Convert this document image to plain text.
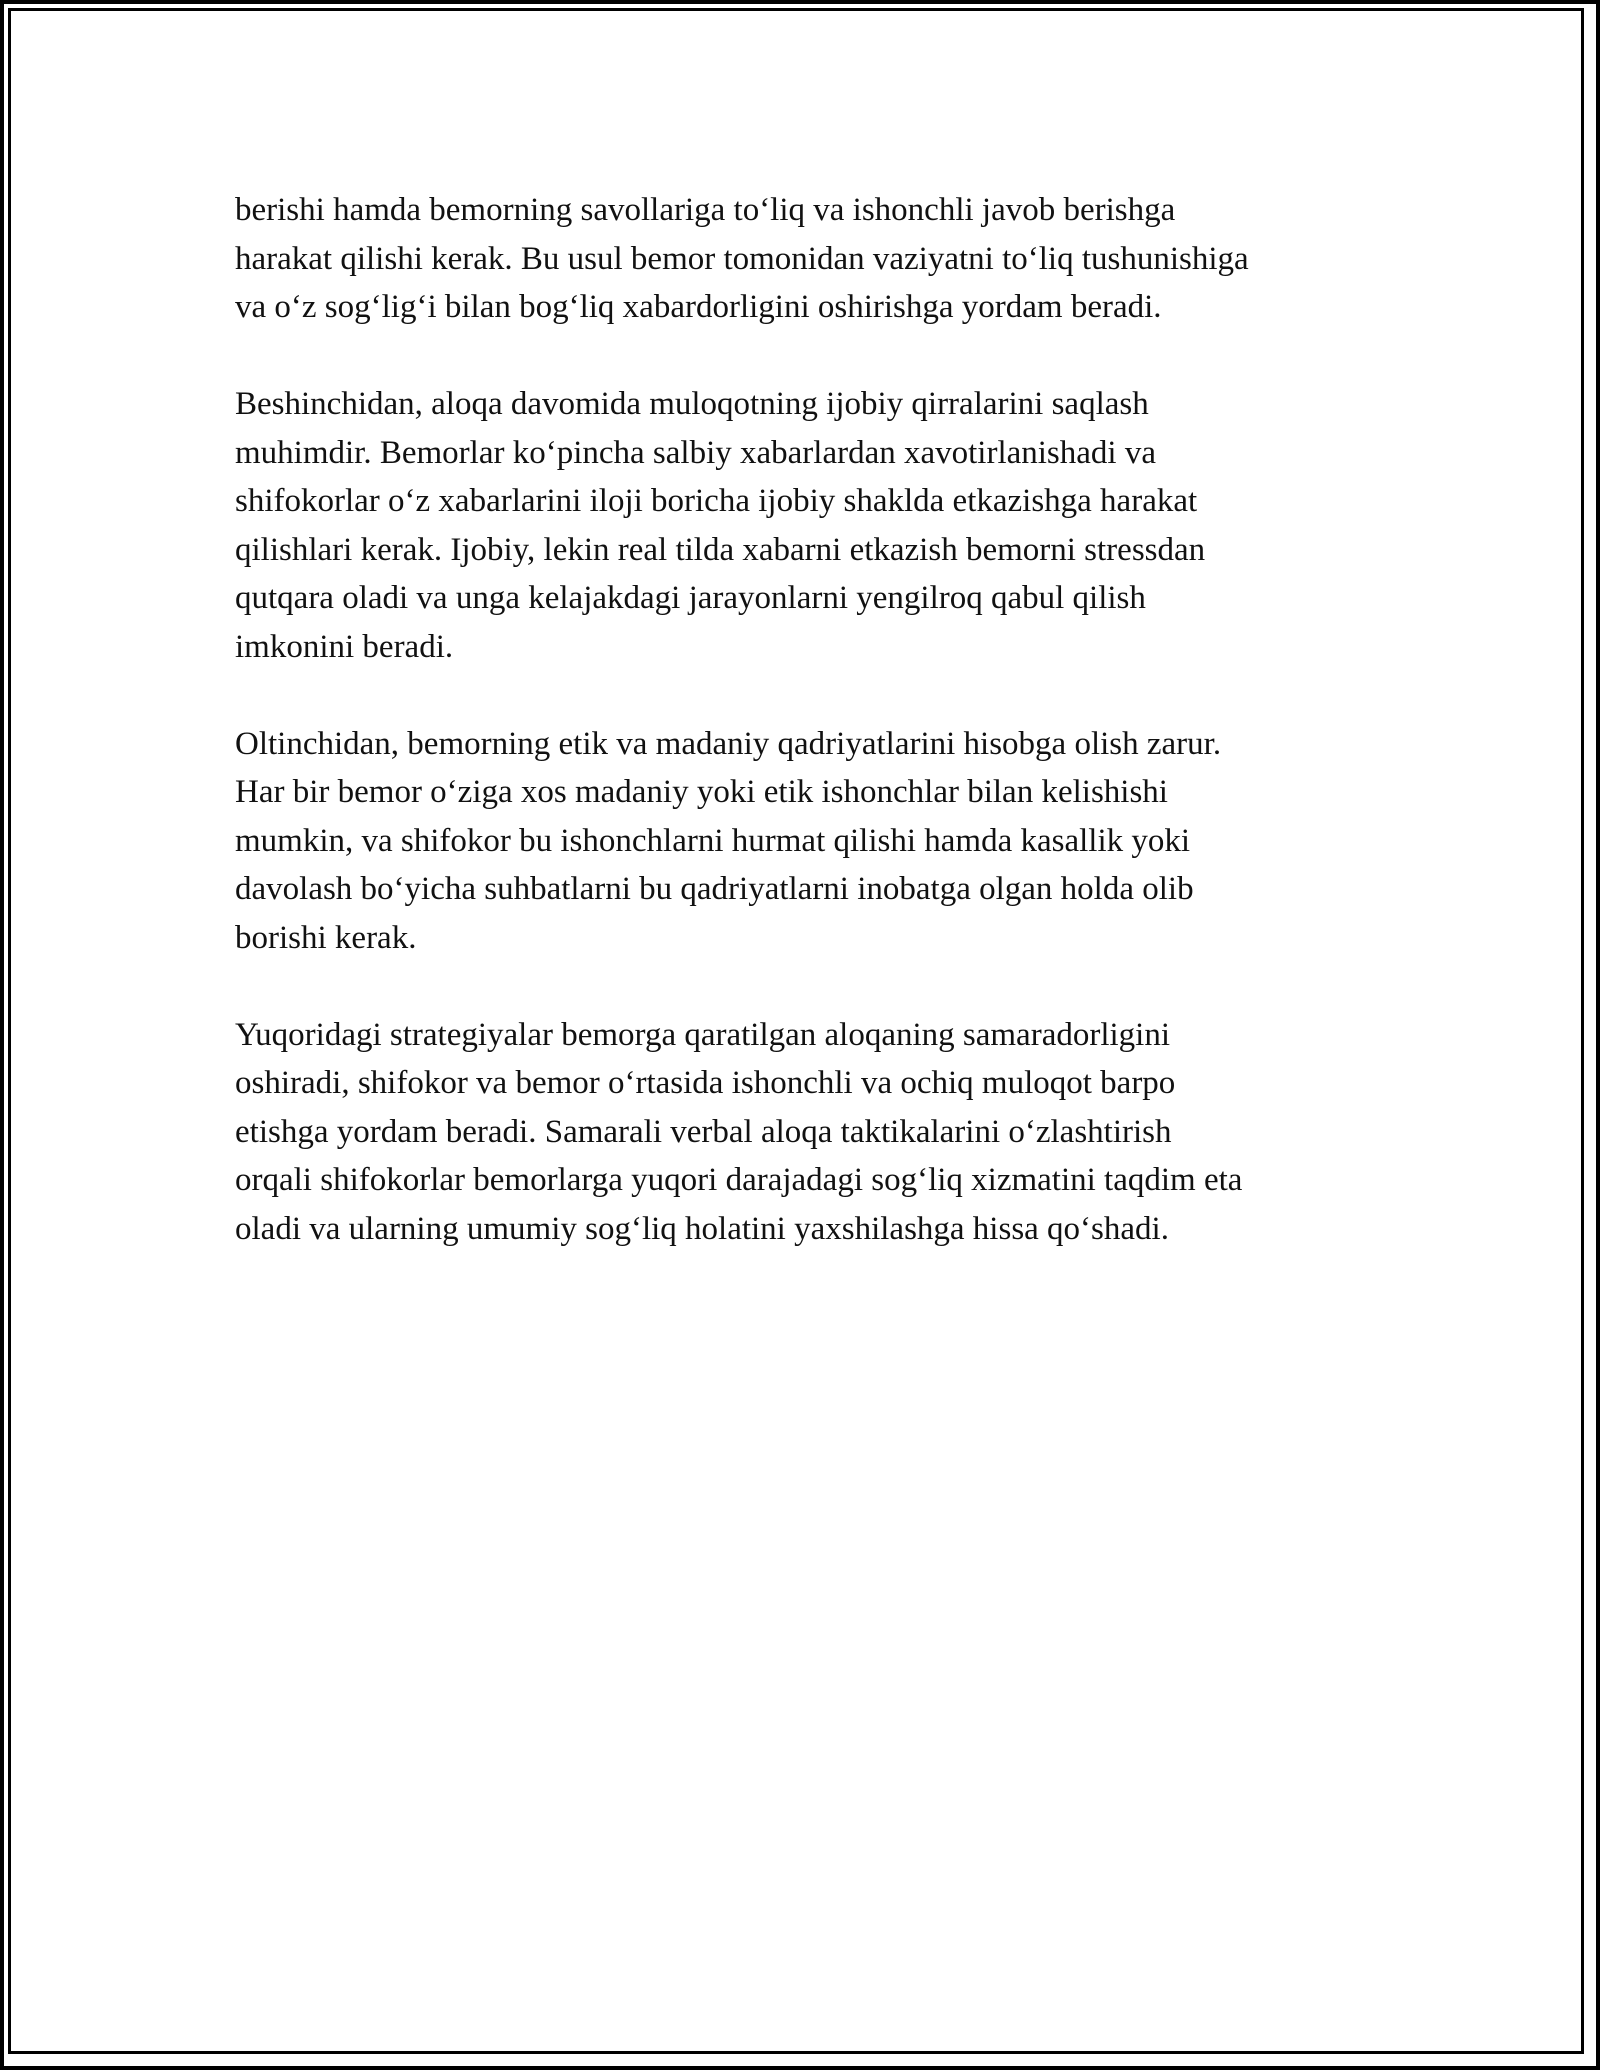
berishi hamda bemorning savollariga to‘liq va ishonchli javob berishga
harakat qilishi kerak. Bu usul bemor tomonidan vaziyatni to‘liq tushunishiga
va o‘z sog‘lig‘i bilan bog‘liq xabardorligini oshirishga yordam beradi.

Beshinchidan, aloqa davomida muloqotning ijobiy qirralarini saqlash
muhimdir. Bemorlar ko‘pincha salbiy xabarlardan xavotirlanishadi va
shifokorlar o‘z xabarlarini iloji boricha ijobiy shaklda etkazishga harakat
qilishlari kerak. Ijobiy, lekin real tilda xabarni etkazish bemorni stressdan
qutqara oladi va unga kelajakdagi jarayonlarni yengilroq qabul qilish
imkonini beradi.

Oltinchidan, bemorning etik va madaniy qadriyatlarini hisobga olish zarur.
Har bir bemor o‘ziga xos madaniy yoki etik ishonchlar bilan kelishishi
mumkin, va shifokor bu ishonchlarni hurmat qilishi hamda kasallik yoki
davolash bo‘yicha suhbatlarni bu qadriyatlarni inobatga olgan holda olib
borishi kerak.

Yuqoridagi strategiyalar bemorga qaratilgan aloqaning samaradorligini
oshiradi, shifokor va bemor o‘rtasida ishonchli va ochiq muloqot barpo
etishga yordam beradi. Samarali verbal aloqa taktikalarini o‘zlashtirish
orqali shifokorlar bemorlarga yuqori darajadagi sog‘liq xizmatini taqdim eta
oladi va ularning umumiy sog‘liq holatini yaxshilashga hissa qo‘shadi.
